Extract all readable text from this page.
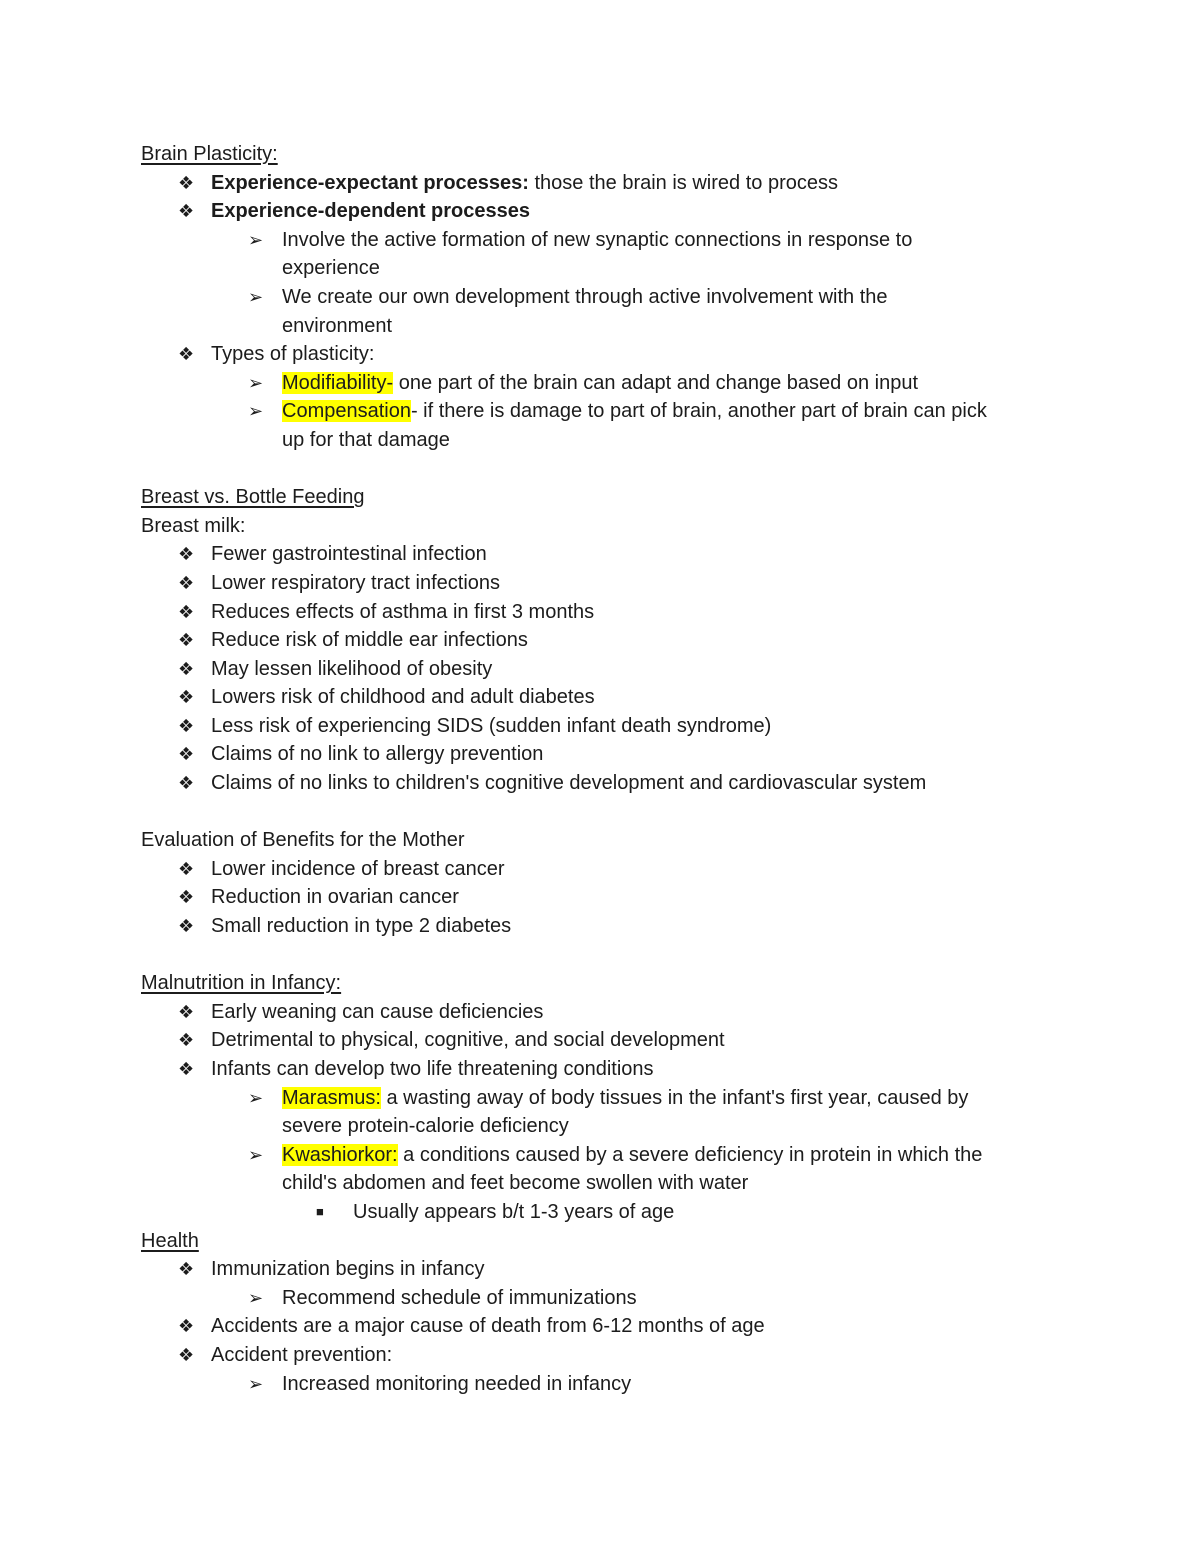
Brain Plasticity:
❖ Experience-expectant processes: those the brain is wired to process
❖ Experience-dependent processes
➢ Involve the active formation of new synaptic connections in response to
experience
➢ We create our own development through active involvement with the
environment
❖ Types of plasticity:
➢ Modifiability- one part of the brain can adapt and change based on input
➢ Compensation- if there is damage to part of brain, another part of brain can pick
up for that damage
Breast vs. Bottle Feeding
Breast milk:
❖ Fewer gastrointestinal infection
❖ Lower respiratory tract infections
❖ Reduces effects of asthma in first 3 months
❖ Reduce risk of middle ear infections
❖ May lessen likelihood of obesity
❖ Lowers risk of childhood and adult diabetes
❖ Less risk of experiencing SIDS (sudden infant death syndrome)
❖ Claims of no link to allergy prevention
❖ Claims of no links to children's cognitive development and cardiovascular system
Evaluation of Benefits for the Mother
❖ Lower incidence of breast cancer
❖ Reduction in ovarian cancer
❖ Small reduction in type 2 diabetes
Malnutrition in Infancy:
❖ Early weaning can cause deficiencies
❖ Detrimental to physical, cognitive, and social development
❖ Infants can develop two life threatening conditions
➢ Marasmus: a wasting away of body tissues in the infant's first year, caused by
severe protein-calorie deficiency
➢ Kwashiorkor: a conditions caused by a severe deficiency in protein in which the
child's abdomen and feet become swollen with water
■ Usually appears b/t 1-3 years of age
Health
❖ Immunization begins in infancy
➢ Recommend schedule of immunizations
❖ Accidents are a major cause of death from 6-12 months of age
❖ Accident prevention:
➢ Increased monitoring needed in infancy
